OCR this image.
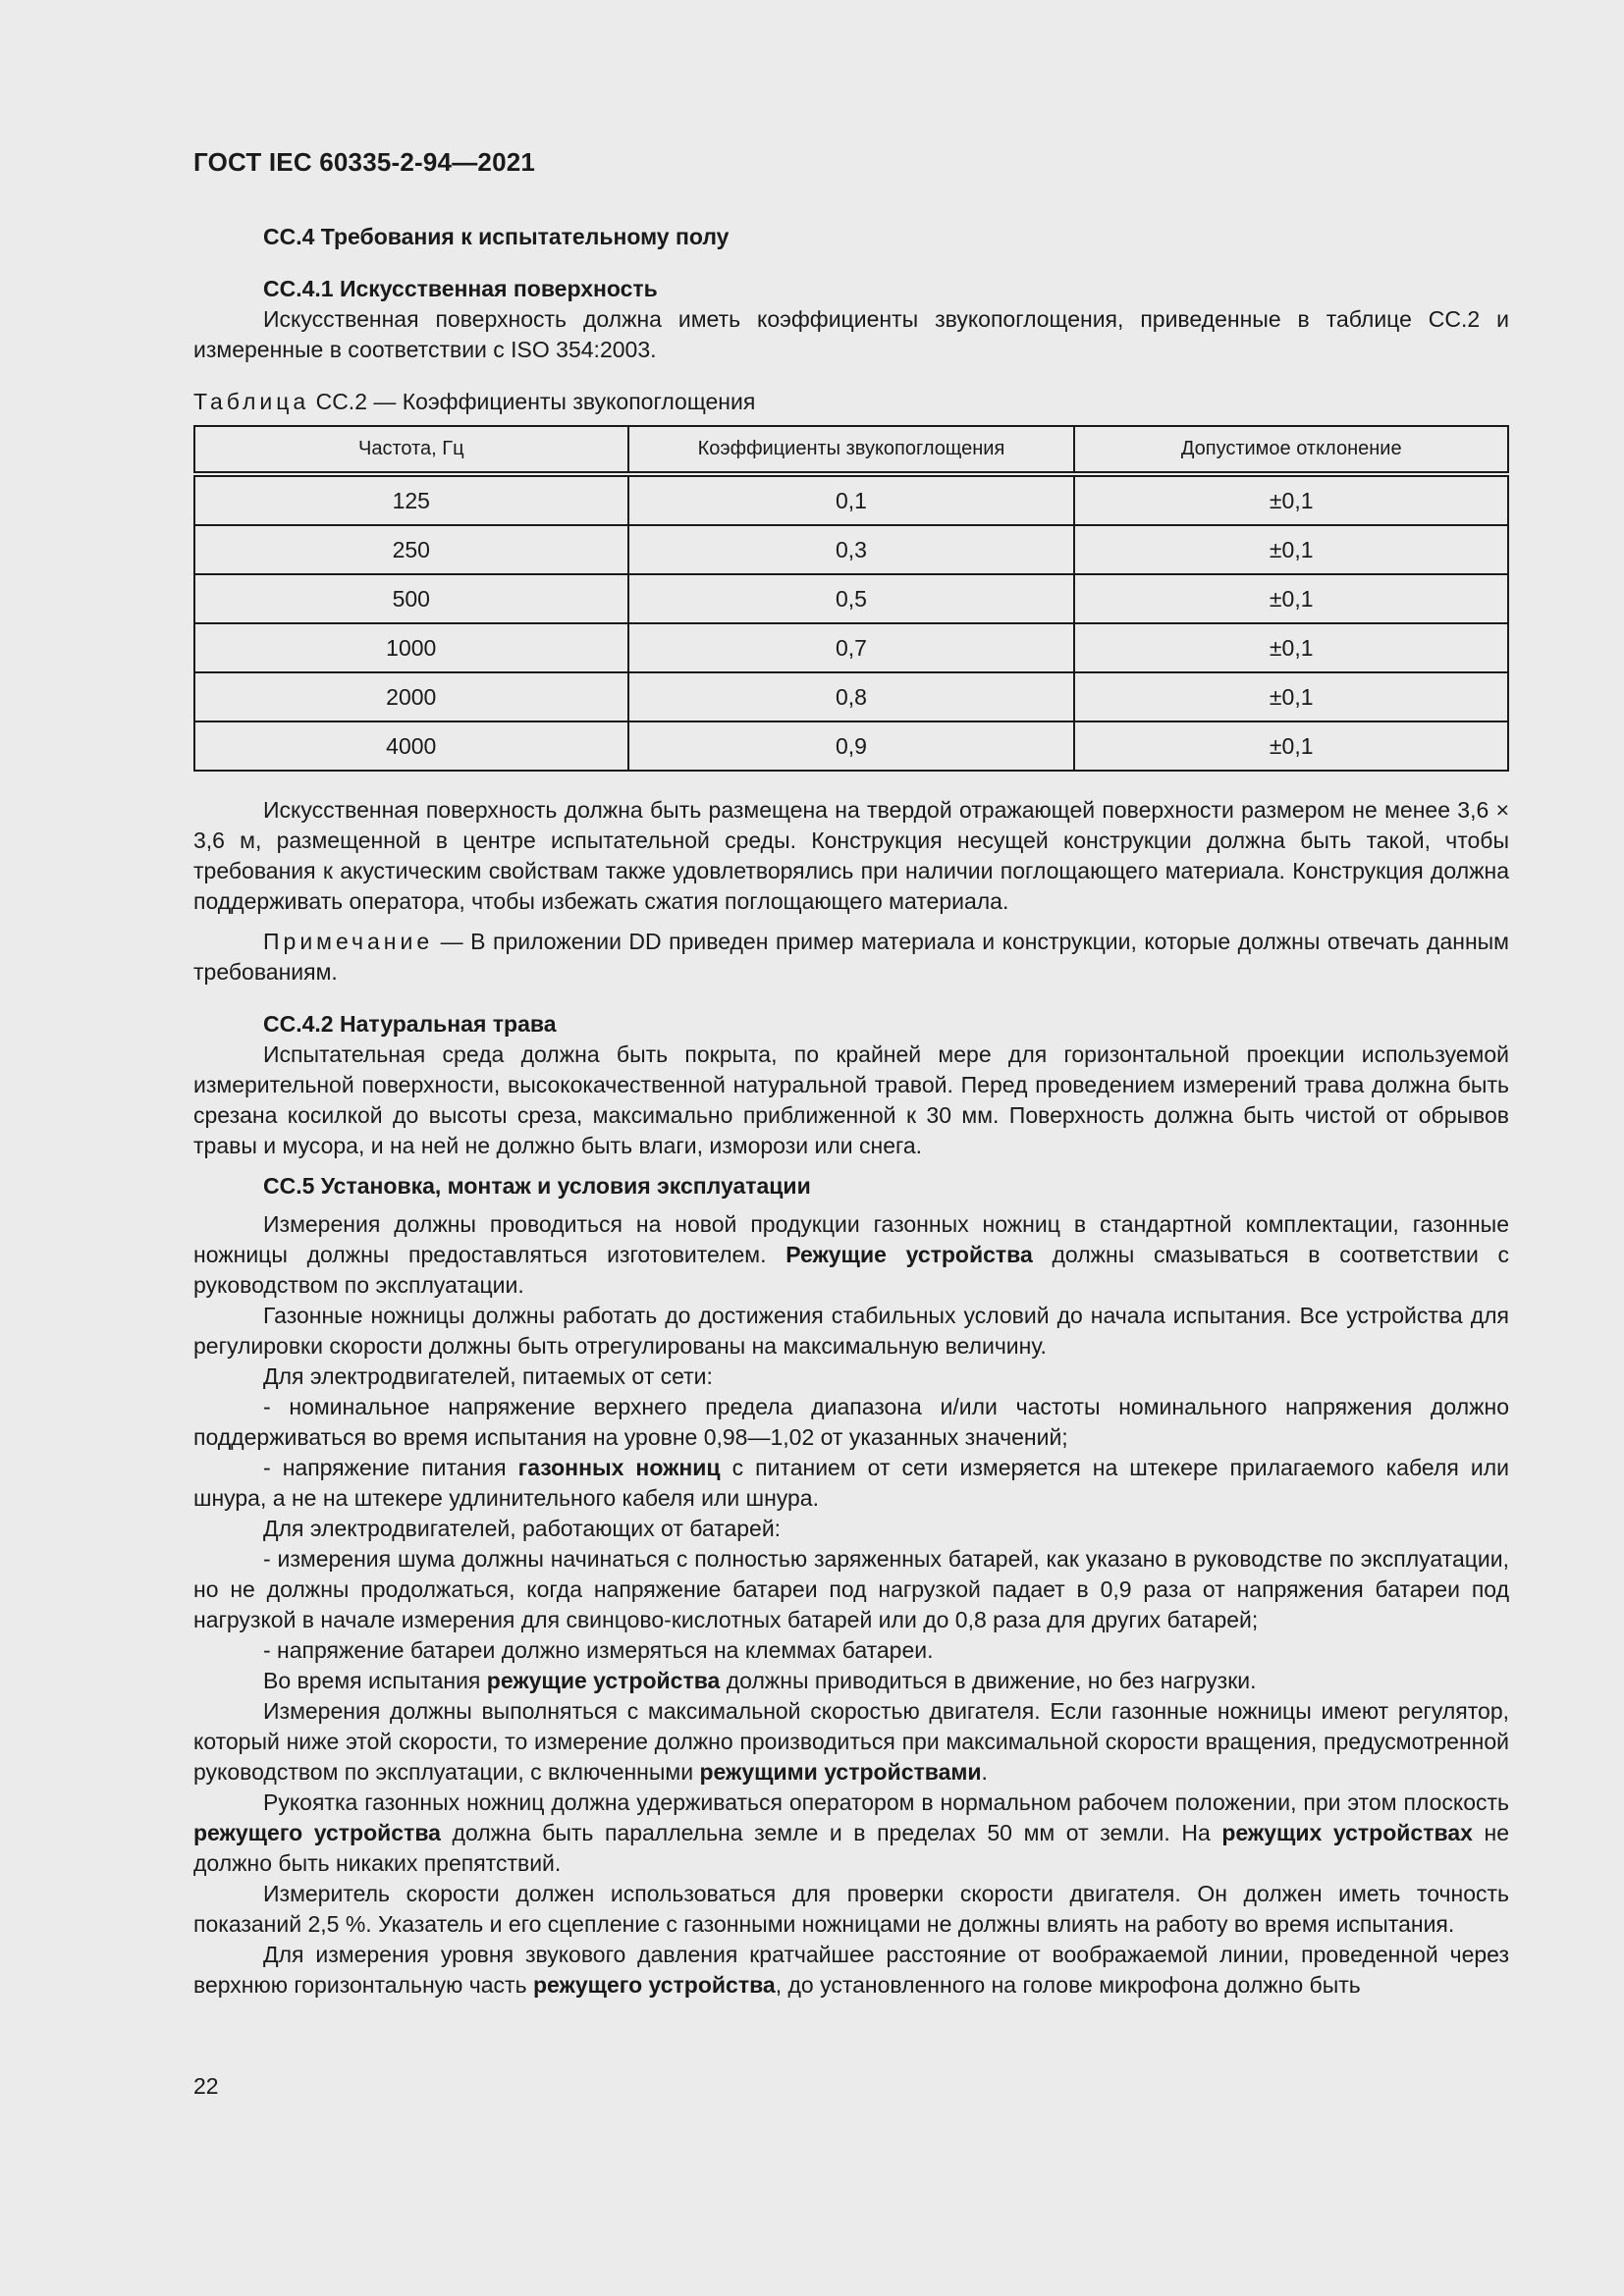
ГОСТ IEC 60335-2-94—2021

CC.4 Требования к испытательному полу

CC.4.1 Искусственная поверхность

Искусственная поверхность должна иметь коэффициенты звукопоглощения, приведенные в таблице CC.2 и измеренные в соответствии с ISO 354:2003.

Таблица CC.2 — Коэффициенты звукопоглощения
Частота, Гц	Коэффициенты звукопоглощения	Допустимое отклонение
125	0,1	±0,1
250	0,3	±0,1
500	0,5	±0,1
1000	0,7	±0,1
2000	0,8	±0,1
4000	0,9	±0,1

Искусственная поверхность должна быть размещена на твердой отражающей поверхности размером не менее 3,6 × 3,6 м, размещенной в центре испытательной среды. Конструкция несущей конструкции должна быть такой, чтобы требования к акустическим свойствам также удовлетворялись при наличии поглощающего материала. Конструкция должна поддерживать оператора, чтобы избежать сжатия поглощающего материала.

Примечание — В приложении DD приведен пример материала и конструкции, которые должны отвечать данным требованиям.

CC.4.2 Натуральная трава

Испытательная среда должна быть покрыта, по крайней мере для горизонтальной проекции используемой измерительной поверхности, высококачественной натуральной травой. Перед проведением измерений трава должна быть срезана косилкой до высоты среза, максимально приближенной к 30 мм. Поверхность должна быть чистой от обрывов травы и мусора, и на ней не должно быть влаги, изморози или снега.

CC.5 Установка, монтаж и условия эксплуатации

Измерения должны проводиться на новой продукции газонных ножниц в стандартной комплектации, газонные ножницы должны предоставляться изготовителем. Режущие устройства должны смазываться в соответствии с руководством по эксплуатации.

Газонные ножницы должны работать до достижения стабильных условий до начала испытания. Все устройства для регулировки скорости должны быть отрегулированы на максимальную величину.

Для электродвигателей, питаемых от сети:

- номинальное напряжение верхнего предела диапазона и/или частоты номинального напряжения должно поддерживаться во время испытания на уровне 0,98—1,02 от указанных значений;

- напряжение питания газонных ножниц с питанием от сети измеряется на штекере прилагаемого кабеля или шнура, а не на штекере удлинительного кабеля или шнура.

Для электродвигателей, работающих от батарей:

- измерения шума должны начинаться с полностью заряженных батарей, как указано в руководстве по эксплуатации, но не должны продолжаться, когда напряжение батареи под нагрузкой падает в 0,9 раза от напряжения батареи под нагрузкой в начале измерения для свинцово-кислотных батарей или до 0,8 раза для других батарей;

- напряжение батареи должно измеряться на клеммах батареи.

Во время испытания режущие устройства должны приводиться в движение, но без нагрузки.

Измерения должны выполняться с максимальной скоростью двигателя. Если газонные ножницы имеют регулятор, который ниже этой скорости, то измерение должно производиться при максимальной скорости вращения, предусмотренной руководством по эксплуатации, с включенными режущими устройствами.

Рукоятка газонных ножниц должна удерживаться оператором в нормальном рабочем положении, при этом плоскость режущего устройства должна быть параллельна земле и в пределах 50 мм от земли. На режущих устройствах не должно быть никаких препятствий.

Измеритель скорости должен использоваться для проверки скорости двигателя. Он должен иметь точность показаний 2,5 %. Указатель и его сцепление с газонными ножницами не должны влиять на работу во время испытания.

Для измерения уровня звукового давления кратчайшее расстояние от воображаемой линии, проведенной через верхнюю горизонтальную часть режущего устройства, до установленного на голове микрофона должно быть

22
